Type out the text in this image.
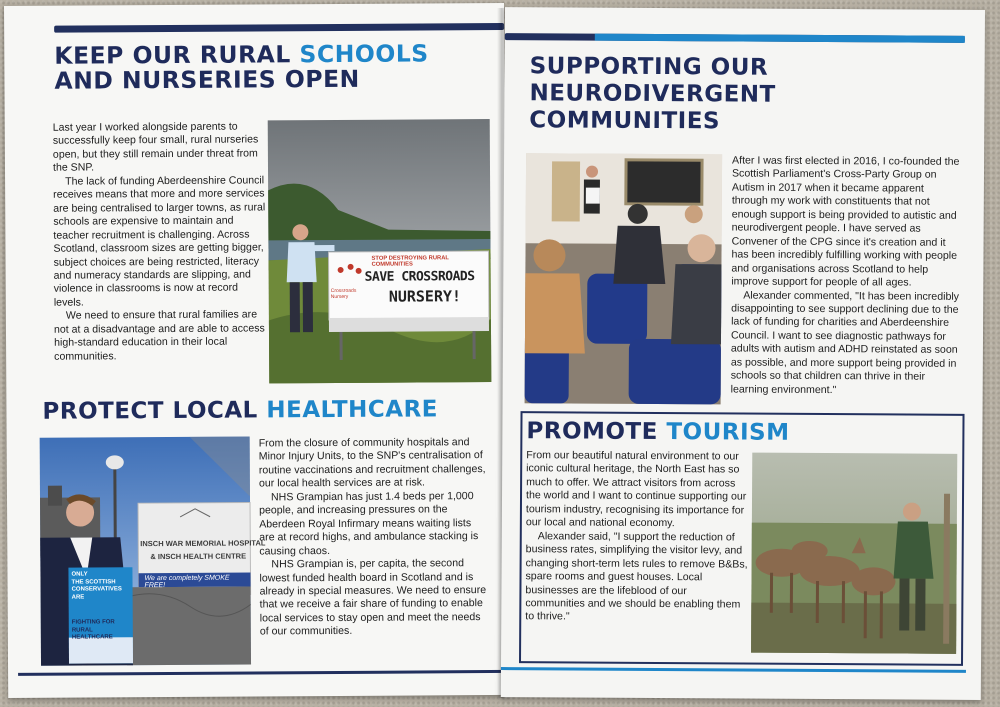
KEEP OUR RURAL SCHOOLS
AND NURSERIES OPEN

Last year I worked alongside parents to successfully keep four small, rural nurseries open, but they still remain under threat from the SNP.

The lack of funding Aberdeenshire Council receives means that more and more services are being centralised to larger towns, as rural schools are expensive to maintain and teacher recruitment is challenging. Across Scotland, classroom sizes are getting bigger, subject choices are being restricted, literacy and numeracy standards are slipping, and violence in classrooms is now at record levels.

We need to ensure that rural families are not at a disadvantage and are able to access high-standard education in their local communities.

STOP DESTROYING RURAL COMMUNITIES
SAVE CROSSROADS
NURSERY!
Crossroads Nursery
PROTECT LOCAL HEALTHCARE
INSCH WAR MEMORIAL HOSPITAL
& INSCH HEALTH CENTRE
We are completely SMOKE FREE!
ONLY
THE SCOTTISH
CONSERVATIVES
ARE
FIGHTING FOR
RURAL HEALTHCARE

From the closure of community hospitals and Minor Injury Units, to the SNP's centralisation of routine vaccinations and recruitment challenges, our local health services are at risk.

NHS Grampian has just 1.4 beds per 1,000 people, and increasing pressures on the Aberdeen Royal Infirmary means waiting lists are at record highs, and ambulance stacking is causing chaos.

NHS Grampian is, per capita, the second lowest funded health board in Scotland and is already in special measures. We need to ensure that we receive a fair share of funding to enable local services to stay open and meet the needs of our communities.

SUPPORTING OUR
NEURODIVERGENT
COMMUNITIES

After I was first elected in 2016, I co-founded the Scottish Parliament's Cross-Party Group on Autism in 2017 when it became apparent through my work with constituents that not enough support is being provided to autistic and neurodivergent people. I have served as Convener of the CPG since it's creation and it has been incredibly fulfilling working with people and organisations across Scotland to help improve support for people of all ages.

Alexander commented, "It has been incredibly disappointing to see support declining due to the lack of funding for charities and Aberdeenshire Council. I want to see diagnostic pathways for adults with autism and ADHD reinstated as soon as possible, and more support being provided in schools so that children can thrive in their learning environment."

PROMOTE TOURISM

From our beautiful natural environment to our iconic cultural heritage, the North East has so much to offer. We attract visitors from across the world and I want to continue supporting our tourism industry, recognising its importance for our local and national economy.

Alexander said, "I support the reduction of business rates, simplifying the visitor levy, and changing short-term lets rules to remove B&Bs, spare rooms and guest houses. Local businesses are the lifeblood of our communities and we should be enabling them to thrive."
